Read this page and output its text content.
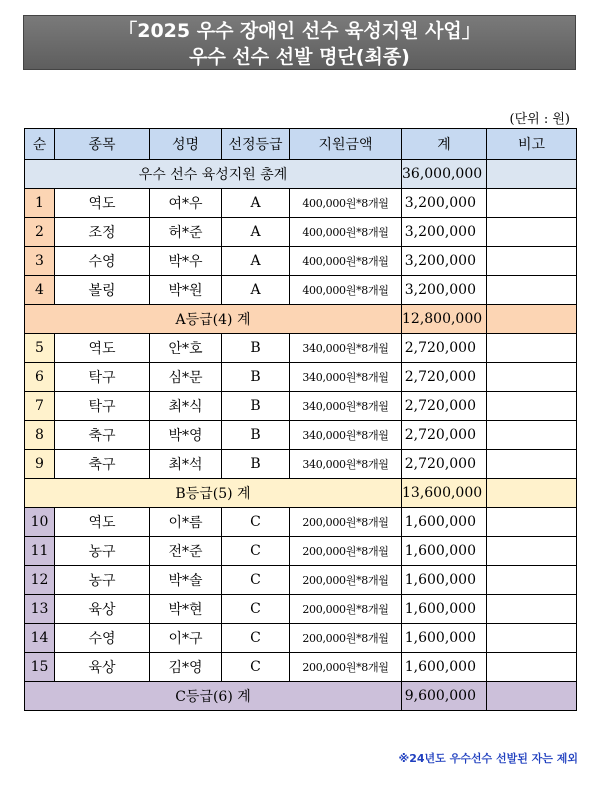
「2025 우수 장애인 선수 육성지원 사업」
우수 선수 선발 명단(최종)
(단위 : 원)
순	종목	성명	선정등급	지원금액	계	비고
우수 선수 육성지원 총계					36,000,000	
1	역도	여*우	A	400,000원*8개월	3,200,000	
2	조정	허*준	A	400,000원*8개월	3,200,000	
3	수영	박*우	A	400,000원*8개월	3,200,000	
4	볼링	박*원	A	400,000원*8개월	3,200,000	
A등급(4) 계					12,800,000	
5	역도	안*호	B	340,000원*8개월	2,720,000	
6	탁구	심*문	B	340,000원*8개월	2,720,000	
7	탁구	최*식	B	340,000원*8개월	2,720,000	
8	축구	박*영	B	340,000원*8개월	2,720,000	
9	축구	최*석	B	340,000원*8개월	2,720,000	
B등급(5) 계					13,600,000	
10	역도	이*름	C	200,000원*8개월	1,600,000	
11	농구	전*준	C	200,000원*8개월	1,600,000	
12	농구	박*솔	C	200,000원*8개월	1,600,000	
13	육상	박*현	C	200,000원*8개월	1,600,000	
14	수영	이*구	C	200,000원*8개월	1,600,000	
15	육상	김*영	C	200,000원*8개월	1,600,000	
C등급(6) 계					9,600,000	
※24년도 우수선수 선발된 자는 제외
